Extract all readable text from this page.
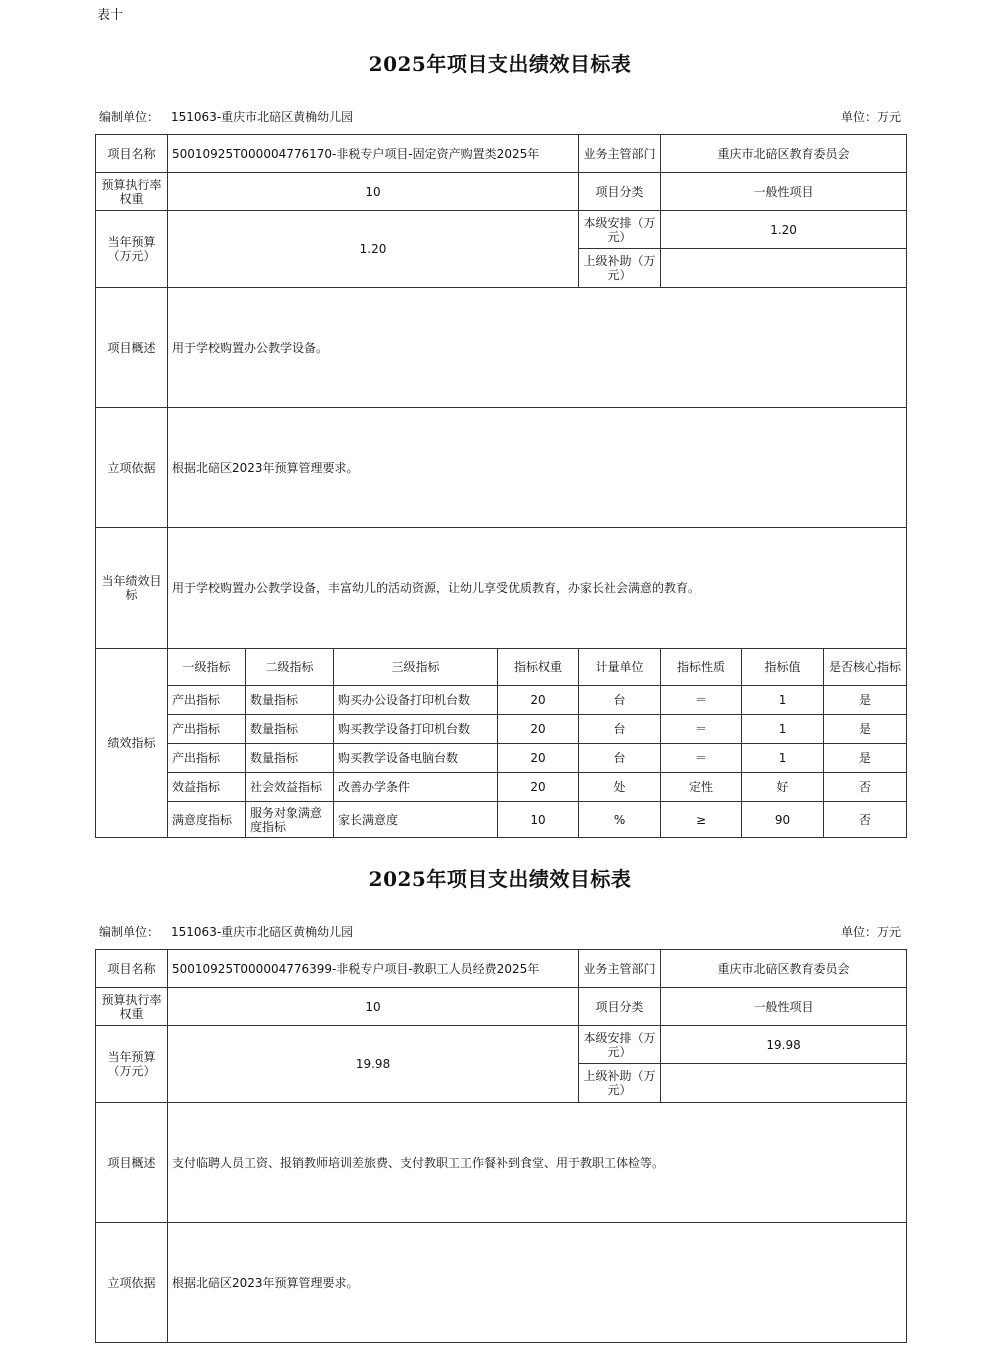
表十
2025年项目支出绩效目标表
编制单位： 151063-重庆市北碚区黄桷幼儿园	单位：万元
项目名称	50010925T000004776170-非税专户项目-固定资产购置类2025年				业务主管部门	重庆市北碚区教育委员会		
预算执行率权重	10				项目分类	一般性项目		
当年预算（万元）	1.20				本级安排（万元）	1.20		
					上级补助（万元）			
项目概述	用于学校购置办公教学设备。							
立项依据	根据北碚区2023年预算管理要求。							
当年绩效目标	用于学校购置办公教学设备，丰富幼儿的活动资源，让幼儿享受优质教育，办家长社会满意的教育。							
绩效指标	一级指标	二级指标	三级指标	指标权重	计量单位	指标性质	指标值	是否核心指标
	产出指标	数量指标	购买办公设备打印机台数	20	台	＝	1	是
	产出指标	数量指标	购买教学设备打印机台数	20	台	＝	1	是
	产出指标	数量指标	购买教学设备电脑台数	20	台	＝	1	是
	效益指标	社会效益指标	改善办学条件	20	处	定性	好	否
	满意度指标	服务对象满意度指标	家长满意度	10	%	≥	90	否
2025年项目支出绩效目标表
编制单位： 151063-重庆市北碚区黄桷幼儿园	单位：万元
项目名称	50010925T000004776399-非税专户项目-教职工人员经费2025年	业务主管部门	重庆市北碚区教育委员会
预算执行率权重	10	项目分类	一般性项目
当年预算（万元）	19.98	本级安排（万元）	19.98
		上级补助（万元）	
项目概述	支付临聘人员工资、报销教师培训差旅费、支付教职工工作餐补到食堂、用于教职工体检等。		
立项依据	根据北碚区2023年预算管理要求。		
